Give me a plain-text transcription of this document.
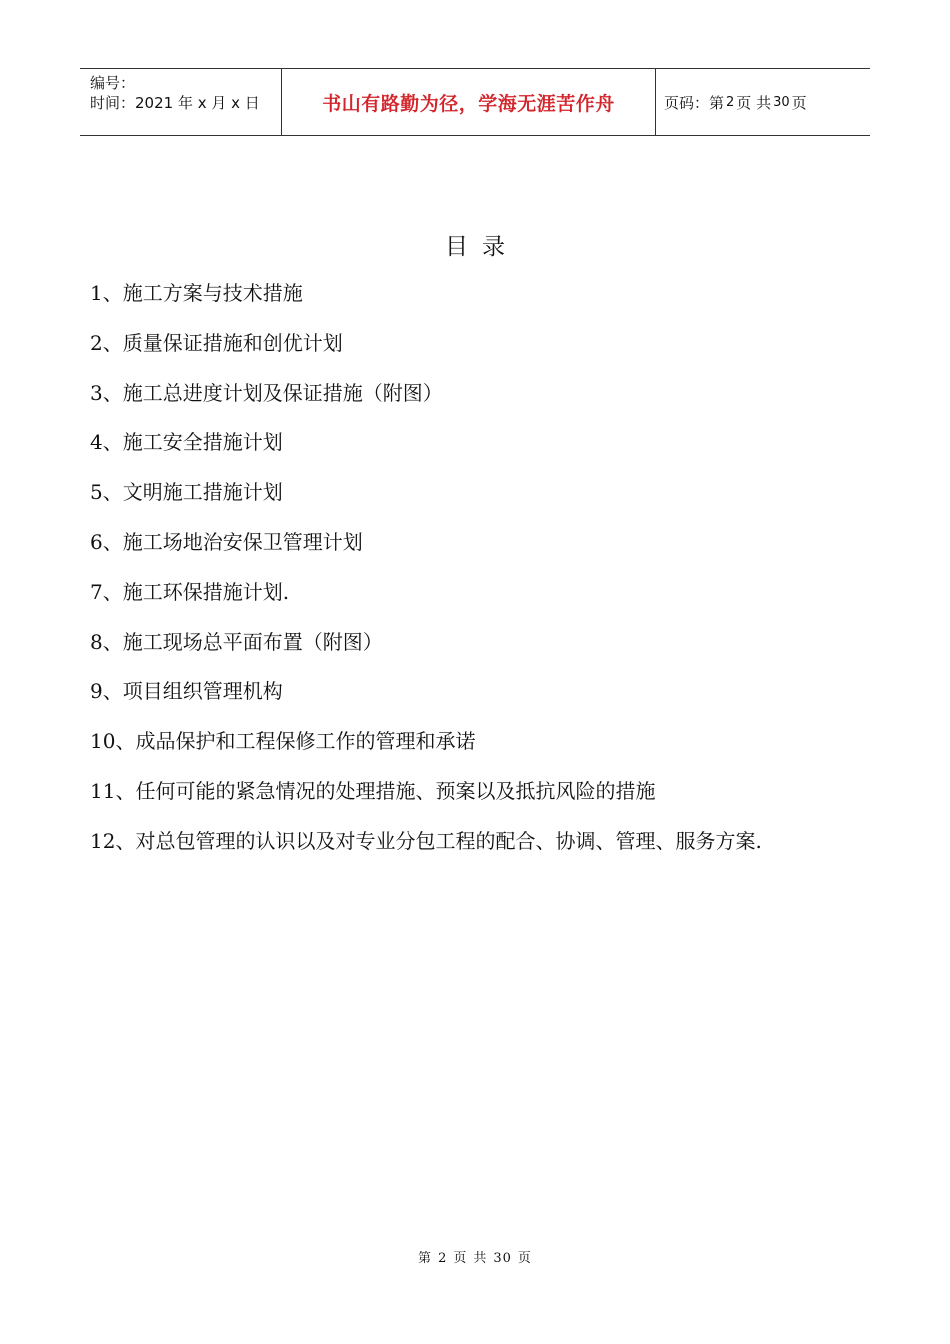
编号：
时间：2021 年 x 月 x 日	书山有路勤为径，学海无涯苦作舟	页码：第 2 页 共 30 页
目录
1、施工方案与技术措施
2、质量保证措施和创优计划
3、施工总进度计划及保证措施（附图）
4、施工安全措施计划
5、文明施工措施计划
6、施工场地治安保卫管理计划
7、施工环保措施计划.
8、施工现场总平面布置（附图）
9、项目组织管理机构
10、成品保护和工程保修工作的管理和承诺
11、任何可能的紧急情况的处理措施、预案以及抵抗风险的措施
12、对总包管理的认识以及对专业分包工程的配合、协调、管理、服务方案.
第 2 页 共 30 页
